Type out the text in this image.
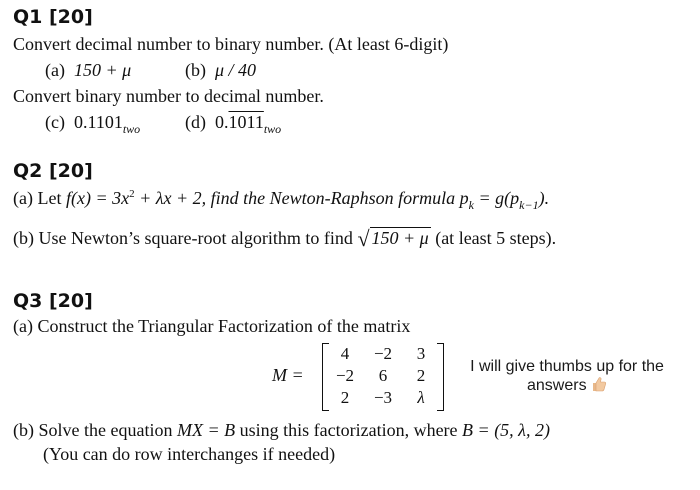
Q1 [20]
Convert decimal number to binary number. (At least 6-digit)
(a) 150 + μ	(b) μ / 40
Convert binary number to decimal number.
(c) $0.1101_{two}$ (d) $0.1011_{two}$
Q2 [20]
(a) Let $f(x) = 3x^2 + \lambda x + 2$, find the Newton-Raphson formula $p_k = g(p_{k-1})$.
(b) Use Newton’s square-root algorithm to find √ 150 + μ (at least 5 steps).
Q3 [20]
(a) Construct the Triangular Factorization of the matrix
M =
4	−2	3
−2	6	2
2	−3	λ
I will give thumbs up for the
answers
(b) Solve the equation MX = B using this factorization, where B = (5, λ, 2)
(You can do row interchanges if needed)
